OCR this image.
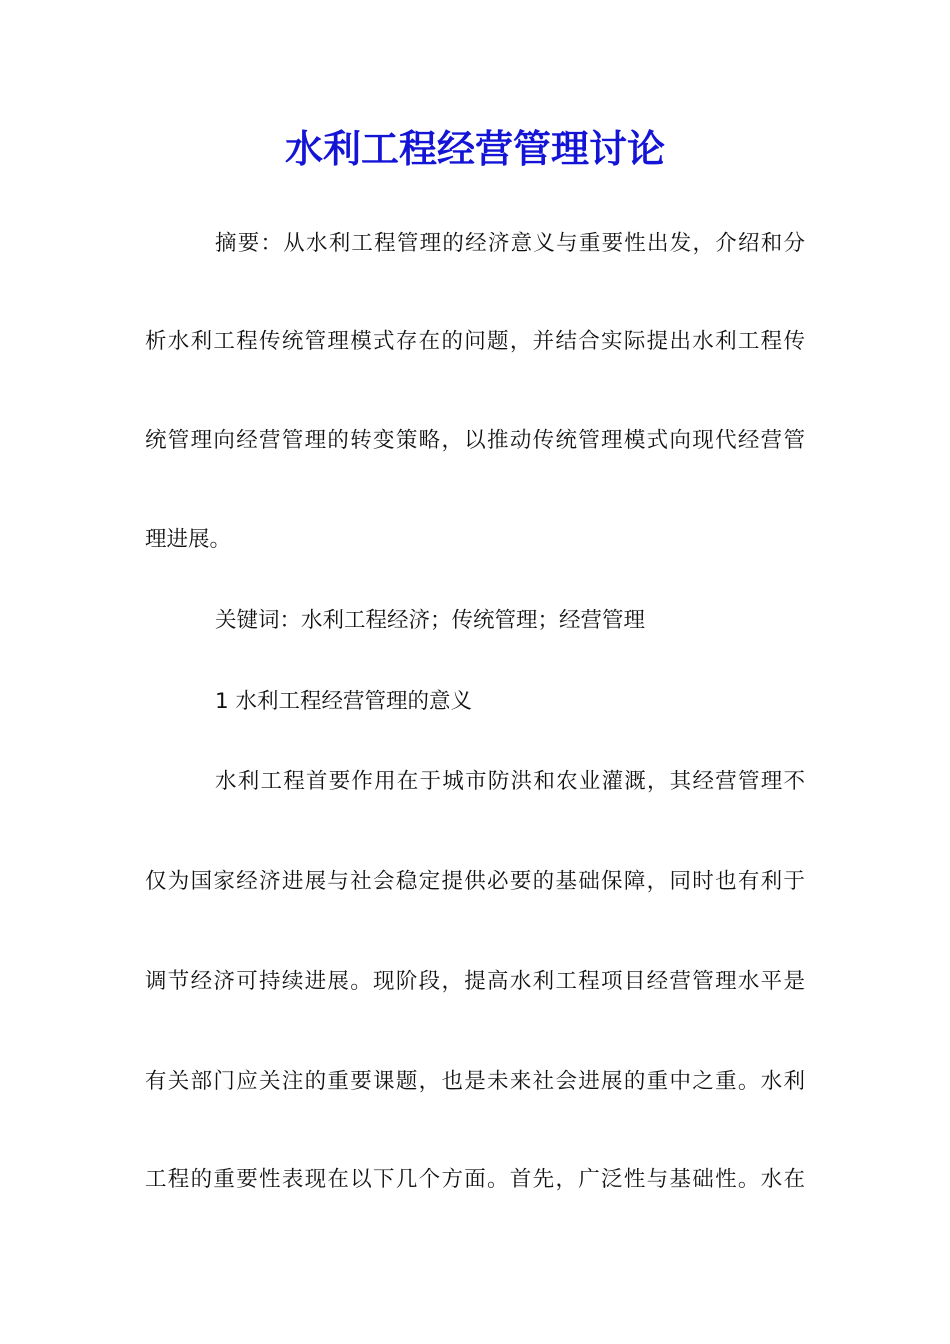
水利工程经营管理讨论
摘要：从水利工程管理的经济意义与重要性出发，介绍和分
析水利工程传统管理模式存在的问题，并结合实际提出水利工程传
统管理向经营管理的转变策略，以推动传统管理模式向现代经营管
理进展。
关键词：水利工程经济；传统管理；经营管理
1 水利工程经营管理的意义
水利工程首要作用在于城市防洪和农业灌溉，其经营管理不
仅为国家经济进展与社会稳定提供必要的基础保障，同时也有利于
调节经济可持续进展。现阶段，提高水利工程项目经营管理水平是
有关部门应关注的重要课题，也是未来社会进展的重中之重。水利
工程的重要性表现在以下几个方面。首先，广泛性与基础性。水在
